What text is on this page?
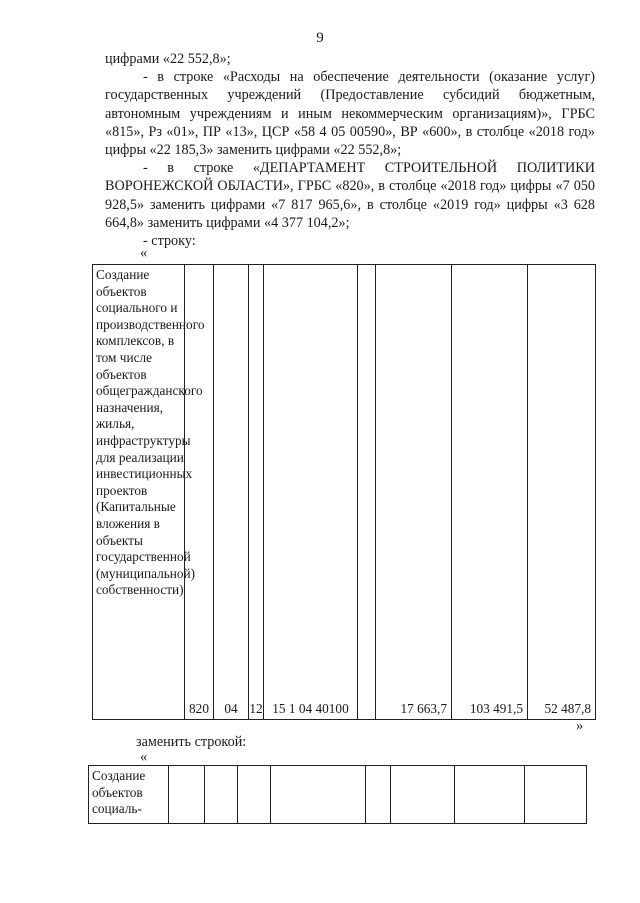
9

цифрами «22 552,8»;

- в строке «Расходы на обеспечение деятельности (оказание услуг) государственных учреждений (Предоставление субсидий бюджетным, автономным учреждениям и иным некоммерческим организациям)», ГРБС «815», Рз «01», ПР «13», ЦСР «58 4 05 00590», ВР «600», в столбце «2018 год» цифры «22 185,3» заменить цифрами «22 552,8»;

- в строке «ДЕПАРТАМЕНТ СТРОИТЕЛЬНОЙ ПОЛИТИКИ ВОРОНЕЖСКОЙ ОБЛАСТИ», ГРБС «820», в столбце «2018 год» цифры «7 050 928,5» заменить цифрами «7 817 965,6», в столбце «2019 год» цифры «3 628 664,8» заменить цифрами «4 377 104,2»;

- строку:

«
Создание объектов социального и производственного комплексов, в том числе объектов общегражданского назначения, жилья, инфраструктуры для реализации инвестиционных проектов (Капитальные вложения в объекты государственной (муниципальной) собственности)	820	04	12	15 1 04 40100		17 663,7	103 491,5	52 487,8
»
заменить строкой:
«
Создание объектов социаль-								
